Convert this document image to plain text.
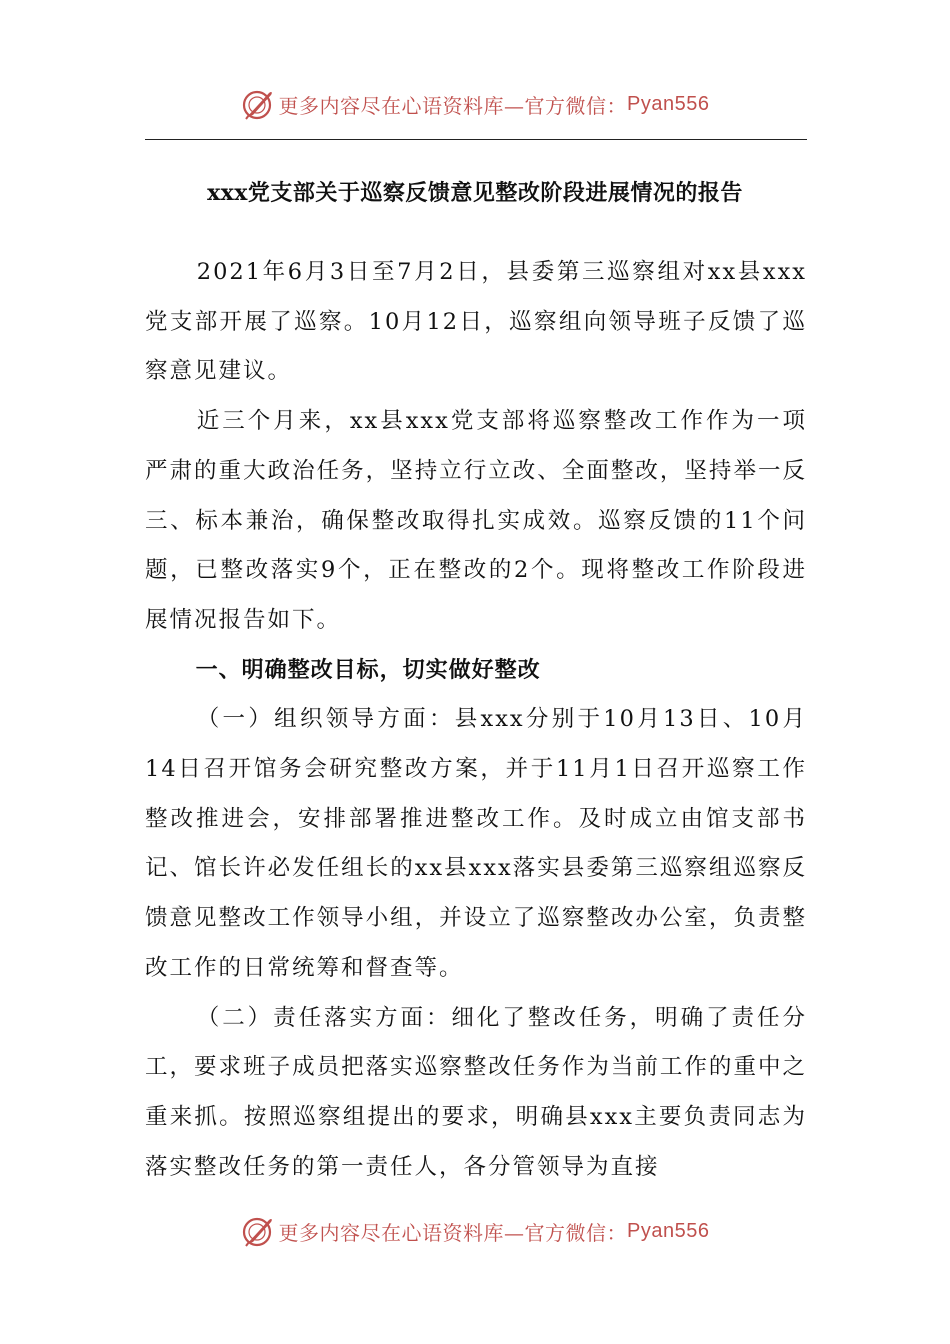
更多内容尽在心语资料库—官方微信： Pyan556
xxx党支部关于巡察反馈意见整改阶段进展情况的报告

2021年6月3日至7月2日，县委第三巡察组对xx县xxx党支部开展了巡察。10月12日，巡察组向领导班子反馈了巡察意见建议。

近三个月来，xx县xxx党支部将巡察整改工作作为一项严肃的重大政治任务，坚持立行立改、全面整改，坚持举一反三、标本兼治，确保整改取得扎实成效。巡察反馈的11个问题，已整改落实9个，正在整改的2个。现将整改工作阶段进展情况报告如下。

一、明确整改目标，切实做好整改

（一）组织领导方面：县xxx分别于10月13日、10月14日召开馆务会研究整改方案，并于11月1日召开巡察工作整改推进会，安排部署推进整改工作。及时成立由馆支部书记、馆长许必发任组长的xx县xxx落实县委第三巡察组巡察反馈意见整改工作领导小组，并设立了巡察整改办公室，负责整改工作的日常统筹和督查等。

（二）责任落实方面：细化了整改任务，明确了责任分工，要求班子成员把落实巡察整改任务作为当前工作的重中之重来抓。按照巡察组提出的要求，明确县xxx主要负责同志为落实整改任务的第一责任人，各分管领导为直接

更多内容尽在心语资料库—官方微信： Pyan556
